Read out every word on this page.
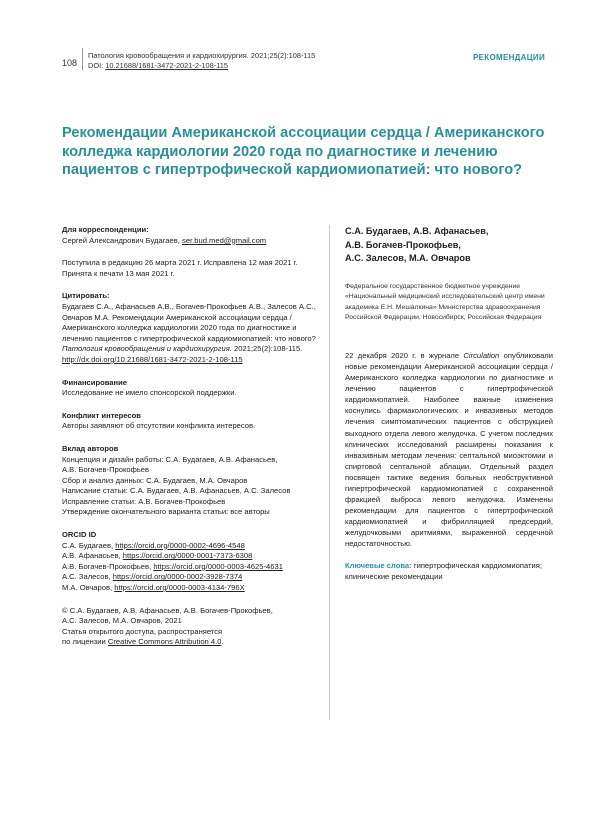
108
Патология кровообращения и кардиохирургия. 2021;25(2):108-115
DOI: 10.21688/1681-3472-2021-2-108-115
РЕКОМЕНДАЦИИ
Рекомендации Американской ассоциации сердца / Американского колледжа кардиологии 2020 года по диагностике и лечению пациентов с гипертрофической кардиомиопатией: что нового?
Для корреспонденции:
Сергей Александрович Будагаев, ser.bud.med@gmail.com
Поступила в редакцию 26 марта 2021 г. Исправлена 12 мая 2021 г.
Принята к печати 13 мая 2021 г.
Цитировать:
Будагаев С.А., Афанасьев А.В., Богачев-Прокофьев А.В., Залесов А.С., Овчаров М.А. Рекомендации Американской ассоциации сердца / Американского колледжа кардиологии 2020 года по диагностике и лечению пациентов с гипертрофической кардиомиопатией: что нового? Патология кровообращения и кардиохирургия. 2021;25(2):108-115.
http://dx.doi.org/10.21688/1681-3472-2021-2-108-115
Финансирование
Исследование не имело спонсорской поддержки.
Конфликт интересов
Авторы заявляют об отсутствии конфликта интересов.
Вклад авторов
Концепция и дизайн работы: С.А. Будагаев, А.В. Афанасьев,
А.В. Богачев-Прокофьев
Сбор и анализ данных: С.А. Будагаев, М.А. Овчаров
Написание статьи: С.А. Будагаев, А.В. Афанасьев, А.С. Залесов
Исправление статьи: А.В. Богачев-Прокофьев
Утверждение окончательного варианта статьи: все авторы
ORCID ID
С.А. Будагаев, https://orcid.org/0000-0002-4696-4548
А.В. Афанасьев, https://orcid.org/0000-0001-7373-6308
А.В. Богачев-Прокофьев, https://orcid.org/0000-0003-4625-4631
А.С. Залесов, https://orcid.org/0000-0002-3928-7374
М.А. Овчаров, https://orcid.org/0000-0003-4134-796X
© С.А. Будагаев, А.В. Афанасьев, А.В. Богачев-Прокофьев,
А.С. Залесов, М.А. Овчаров, 2021
Статья открытого доступа, распространяется
по лицензии Creative Commons Attribution 4.0.
С.А. Будагаев, А.В. Афанасьев,
А.В. Богачев-Прокофьев,
А.С. Залесов, М.А. Овчаров
Федеральное государственное бюджетное учреждение «Национальный медицинский исследовательский центр имени академика Е.Н. Мешалкина» Министерства здравоохранения Российской Федерации, Новосибирск, Российская Федерация
22 декабря 2020 г. в журнале Circulation опубликовали новые рекомендации Американской ассоциации сердца / Американского колледжа кардиологии по диагностике и лечению пациентов с гипертрофической кардиомиопатией. Наиболее важные изменения коснулись фармакологических и инвазивных методов лечения симптоматических пациентов с обструкцией выходного отдела левого желудочка. С учетом последних клинических исследований расширены показания к инвазивным методам лечения: септальной миоэктомии и спиртовой септальной аблации. Отдельный раздел посвящен тактике ведения больных необструктивной гипертрофической кардиомиопатией с сохраненной фракцией выброса левого желудочка. Изменены рекомендации для пациентов с гипертрофической кардиомиопатией и фибрилляцией предсердий, желудочковыми аритмиями, выраженной сердечной недостаточностью.
Ключевые слова: гипертрофическая кардиомиопатия; клинические рекомендации
